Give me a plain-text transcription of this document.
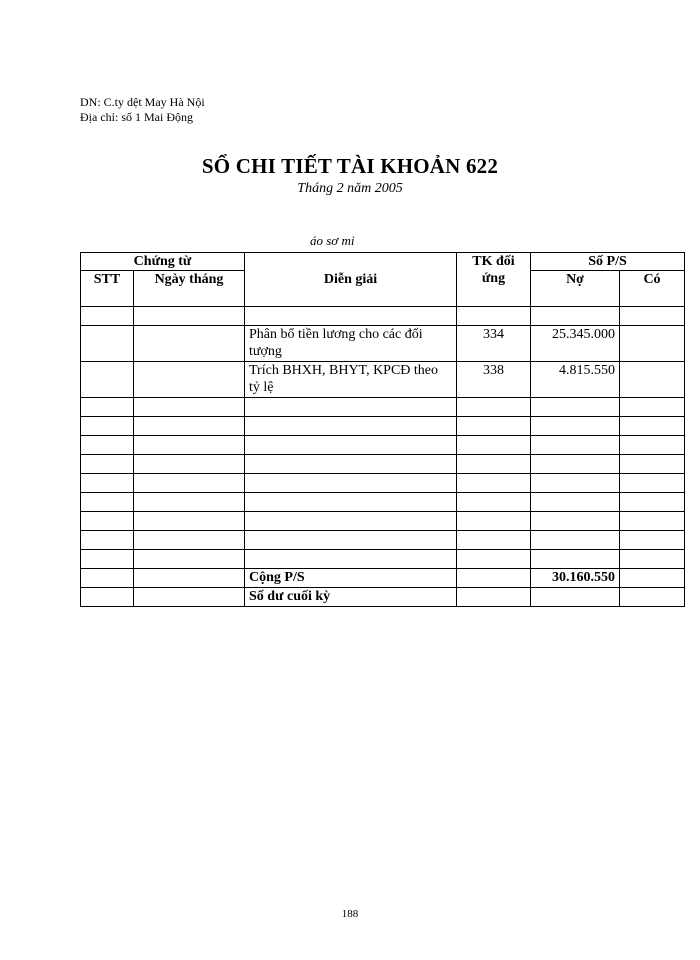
DN: C.ty dệt May Hà Nội
Địa chỉ: số 1 Mai Động
SỔ CHI TIẾT TÀI KHOẢN 622
Tháng 2 năm 2005
áo sơ mi
Chứng từ		Diễn giải	TK đối ứng	Số P/S	
STT	Ngày tháng			Nợ	Có

		Phân bổ tiền lương cho các đối tượng	334	25.345.000	
		Trích BHXH, BHYT, KPCĐ theo tỷ lệ	338	4.815.550	

		Cộng P/S		30.160.550	
		Số dư cuối kỳ			
188
